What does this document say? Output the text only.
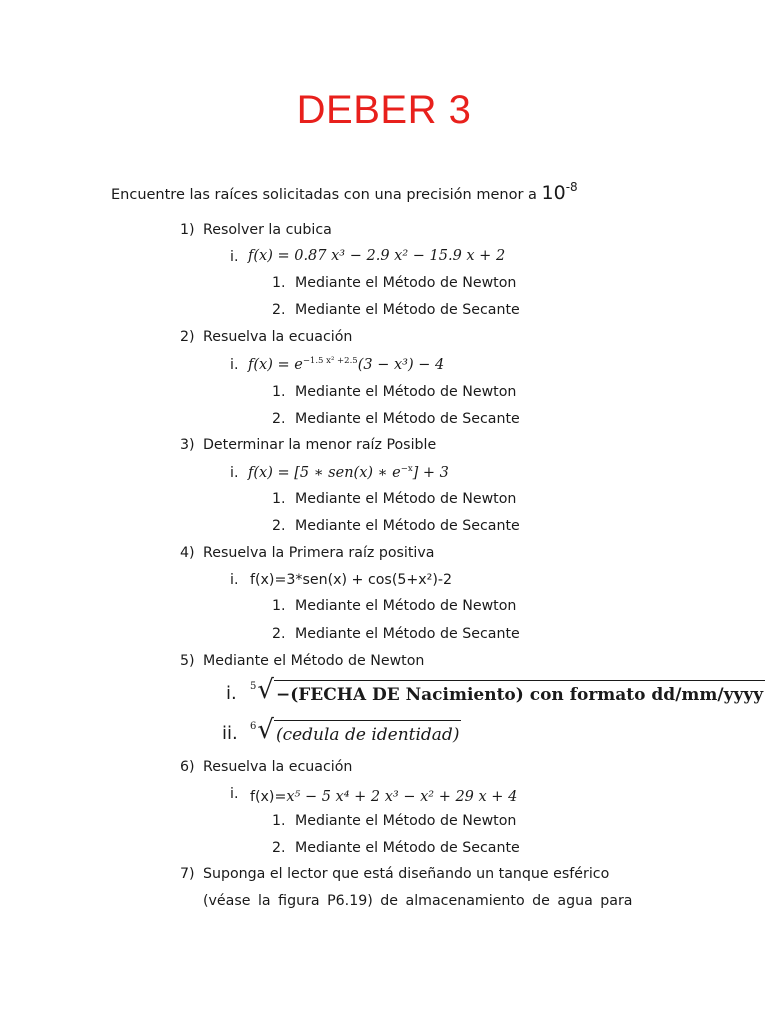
DEBER 3
Encuentre las raíces solicitadas con una precisión menor a $10^{-8}$
1) Resolver la cubica
i. f(x) = 0.87 x³ − 2.9 x² − 15.9 x + 2
1. Mediante el Método de Newton
2. Mediante el Método de Secante
2) Resuelva la ecuación
i. $f(x) = e^{-1.5 x^2 +2.5}(3 - x^3) - 4$
1. Mediante el Método de Newton
2. Mediante el Método de Secante
3) Determinar la menor raíz Posible
i. f(x) = [5 ∗ sen(x) ∗ $e^{-x}] + 3$
1. Mediante el Método de Newton
2. Mediante el Método de Secante
4) Resuelva la Primera raíz positiva
i. f(x)=3*sen(x) + cos(5+x²)-2
1. Mediante el Método de Newton
2. Mediante el Método de Secante
5) Mediante el Método de Newton
i. 5 √ −(FECHA DE Nacimiento) con formato dd/mm/yyyy
ii. 6 √ (cedula de identidad)
6) Resuelva la ecuación
i. f(x)=x⁵ − 5 x⁴ + 2 x³ − x² + 29 x + 4
1. Mediante el Método de Newton
2. Mediante el Método de Secante
7) Suponga el lector que está diseñando un tanque esférico
(véase la figura P6.19) de almacenamiento de agua para
